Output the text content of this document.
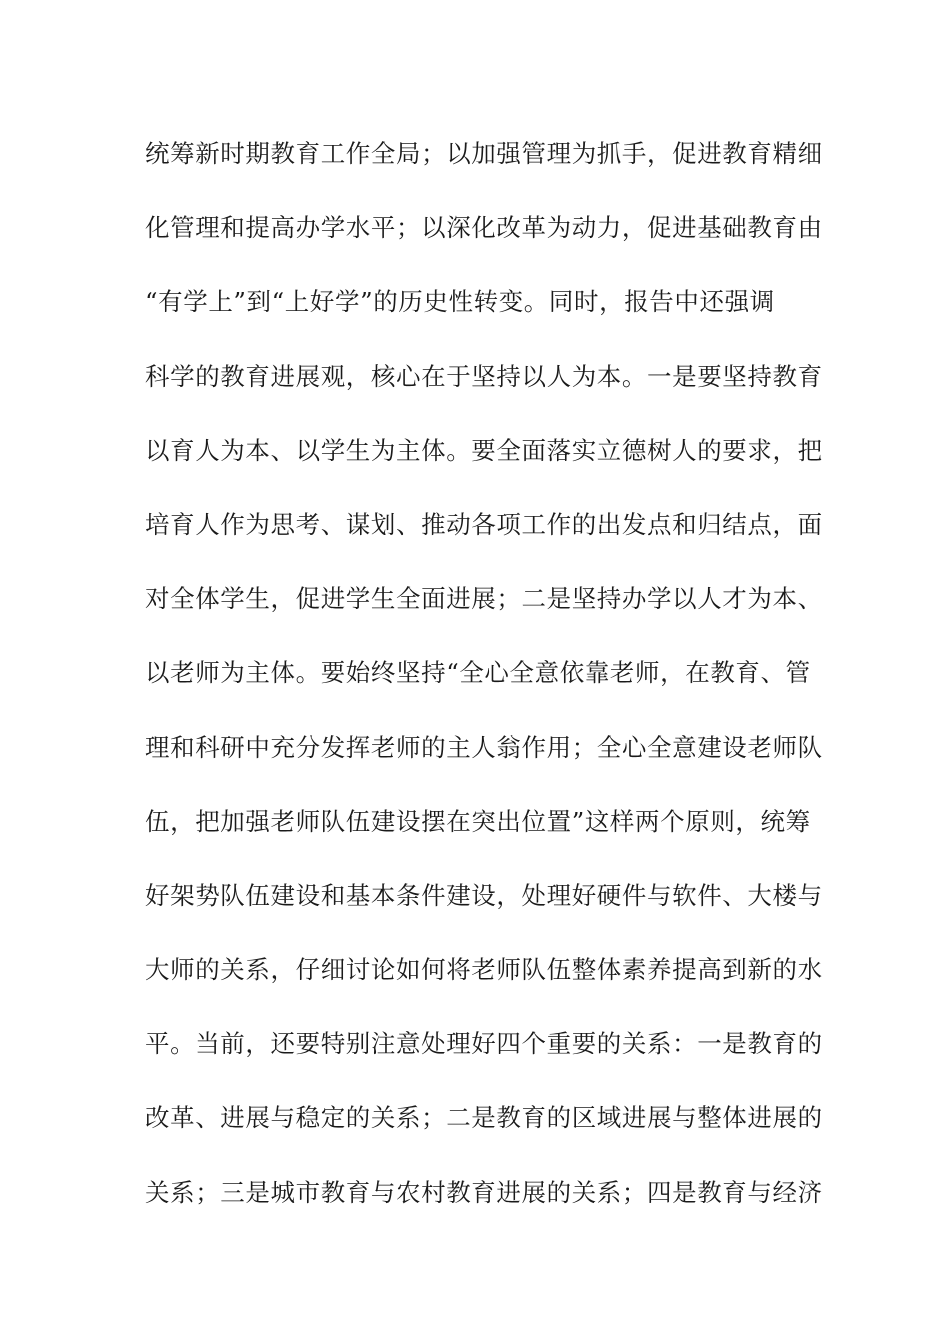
统筹新时期教育工作全局；以加强管理为抓手，促进教育精细
化管理和提高办学水平；以深化改革为动力，促进基础教育由
“有学上”到“上好学”的历史性转变。同时，报告中还强调
科学的教育进展观，核心在于坚持以人为本。一是要坚持教育
以育人为本、以学生为主体。要全面落实立德树人的要求，把
培育人作为思考、谋划、推动各项工作的出发点和归结点，面
对全体学生，促进学生全面进展；二是坚持办学以人才为本、
以老师为主体。要始终坚持“全心全意依靠老师，在教育、管
理和科研中充分发挥老师的主人翁作用；全心全意建设老师队
伍，把加强老师队伍建设摆在突出位置”这样两个原则，统筹
好架势队伍建设和基本条件建设，处理好硬件与软件、大楼与
大师的关系，仔细讨论如何将老师队伍整体素养提高到新的水
平。当前，还要特别注意处理好四个重要的关系：一是教育的
改革、进展与稳定的关系；二是教育的区域进展与整体进展的
关系；三是城市教育与农村教育进展的关系；四是教育与经济
